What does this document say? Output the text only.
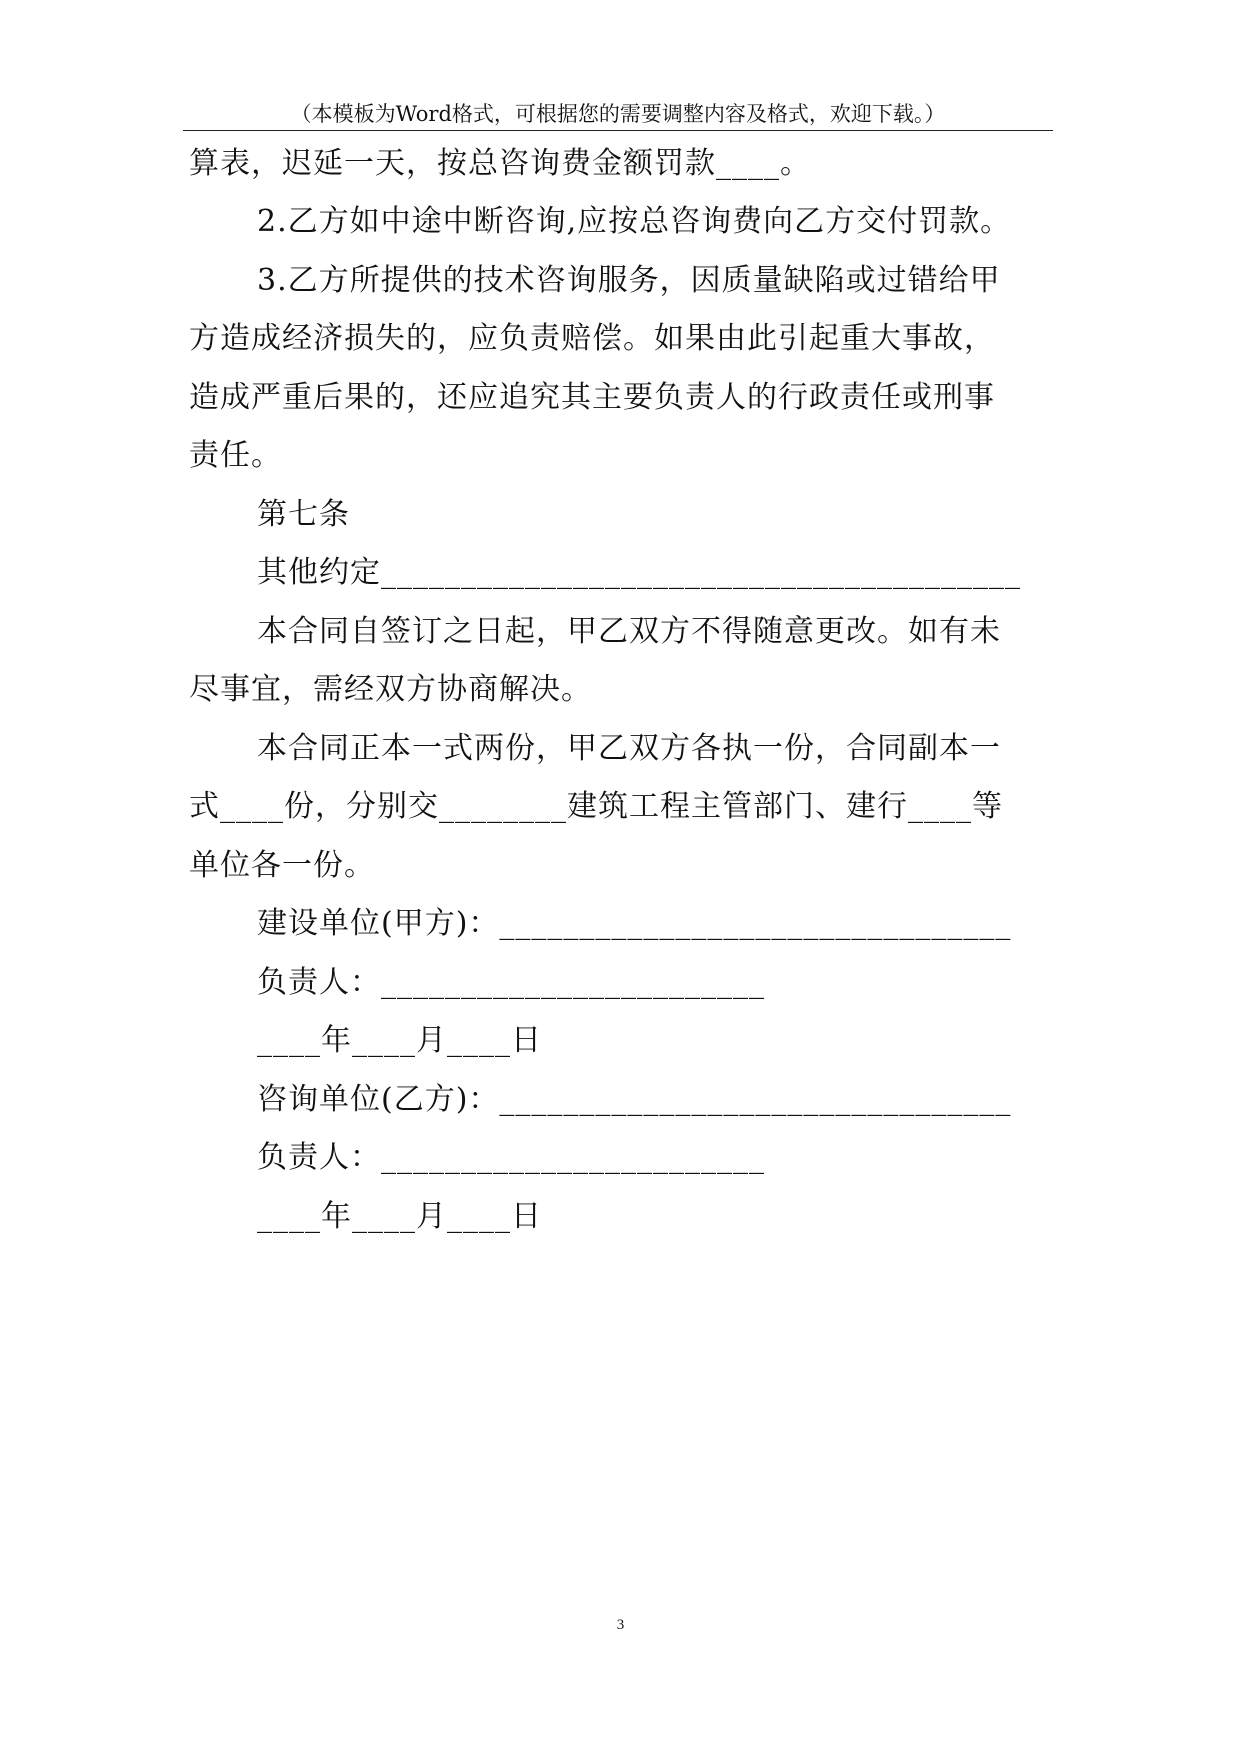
（本模板为Word格式，可根据您的需要调整内容及格式，欢迎下载。）
算表，迟延一天，按总咨询费金额罚款____。
2.乙方如中途中断咨询,应按总咨询费向乙方交付罚款。
3.乙方所提供的技术咨询服务，因质量缺陷或过错给甲
方造成经济损失的，应负责赔偿。如果由此引起重大事故，
造成严重后果的，还应追究其主要负责人的行政责任或刑事
责任。
第七条
其他约定________________________________________
本合同自签订之日起，甲乙双方不得随意更改。如有未
尽事宜，需经双方协商解决。
本合同正本一式两份，甲乙双方各执一份，合同副本一
式____份，分别交________建筑工程主管部门、建行____等
单位各一份。
建设单位(甲方)：________________________________
负责人：________________________
____年____月____日
咨询单位(乙方)：________________________________
负责人：________________________
____年____月____日
3
